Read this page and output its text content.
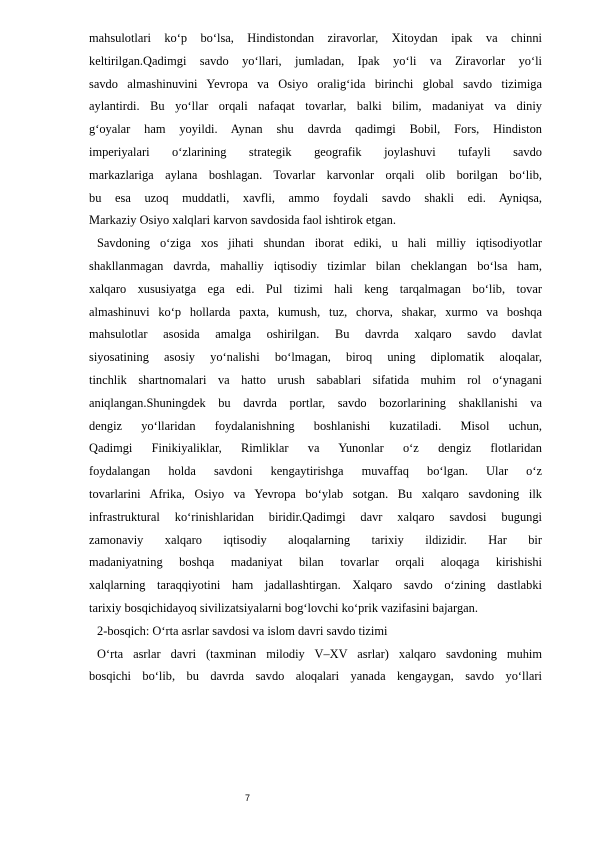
mahsulotlari ko‘p bo‘lsa, Hindistondan ziravorlar, Xitoydan ipak va chinni
keltirilgan.Qadimgi savdo yo‘llari, jumladan, Ipak yo‘li va Ziravorlar yo‘li
savdo almashinuvini Yevropa va Osiyo oralig‘ida birinchi global savdo tizimiga
aylantirdi. Bu yo‘llar orqali nafaqat tovarlar, balki bilim, madaniyat va diniy
g‘oyalar ham yoyildi. Aynan shu davrda qadimgi Bobil, Fors, Hindiston
imperiyalari o‘zlarining strategik geografik joylashuvi tufayli savdo
markazlariga aylana boshlagan. Tovarlar karvonlar orqali olib borilgan bo‘lib,
bu esa uzoq muddatli, xavfli, ammo foydali savdo shakli edi. Ayniqsa,
Markaziy Osiyo xalqlari karvon savdosida faol ishtirok etgan.
Savdoning o‘ziga xos jihati shundan iborat ediki, u hali milliy iqtisodiyotlar
shakllanmagan davrda, mahalliy iqtisodiy tizimlar bilan cheklangan bo‘lsa ham,
xalqaro xususiyatga ega edi. Pul tizimi hali keng tarqalmagan bo‘lib, tovar
almashinuvi ko‘p hollarda paxta, kumush, tuz, chorva, shakar, xurmo va boshqa
mahsulotlar asosida amalga oshirilgan. Bu davrda xalqaro savdo davlat
siyosatining asosiy yo‘nalishi bo‘lmagan, biroq uning diplomatik aloqalar,
tinchlik shartnomalari va hatto urush sabablari sifatida muhim rol o‘ynagani
aniqlangan.Shuningdek bu davrda portlar, savdo bozorlarining shakllanishi va
dengiz yo‘llaridan foydalanishning boshlanishi kuzatiladi. Misol uchun,
Qadimgi Finikiyaliklar, Rimliklar va Yunonlar o‘z dengiz flotlaridan
foydalangan holda savdoni kengaytirishga muvaffaq bo‘lgan. Ular o‘z
tovarlarini Afrika, Osiyo va Yevropa bo‘ylab sotgan. Bu xalqaro savdoning ilk
infrastruktural ko‘rinishlaridan biridir.Qadimgi davr xalqaro savdosi bugungi
zamonaviy xalqaro iqtisodiy aloqalarning tarixiy ildizidir. Har bir
madaniyatning boshqa madaniyat bilan tovarlar orqali aloqaga kirishishi
xalqlarning taraqqiyotini ham jadallashtirgan. Xalqaro savdo o‘zining dastlabki
tarixiy bosqichidayoq sivilizatsiyalarni bog‘lovchi ko‘prik vazifasini bajargan.
2-bosqich: O‘rta asrlar savdosi va islom davri savdo tizimi
O‘rta asrlar davri (taxminan milodiy V–XV asrlar) xalqaro savdoning muhim
bosqichi bo‘lib, bu davrda savdo aloqalari yanada kengaygan, savdo yo‘llari
7
